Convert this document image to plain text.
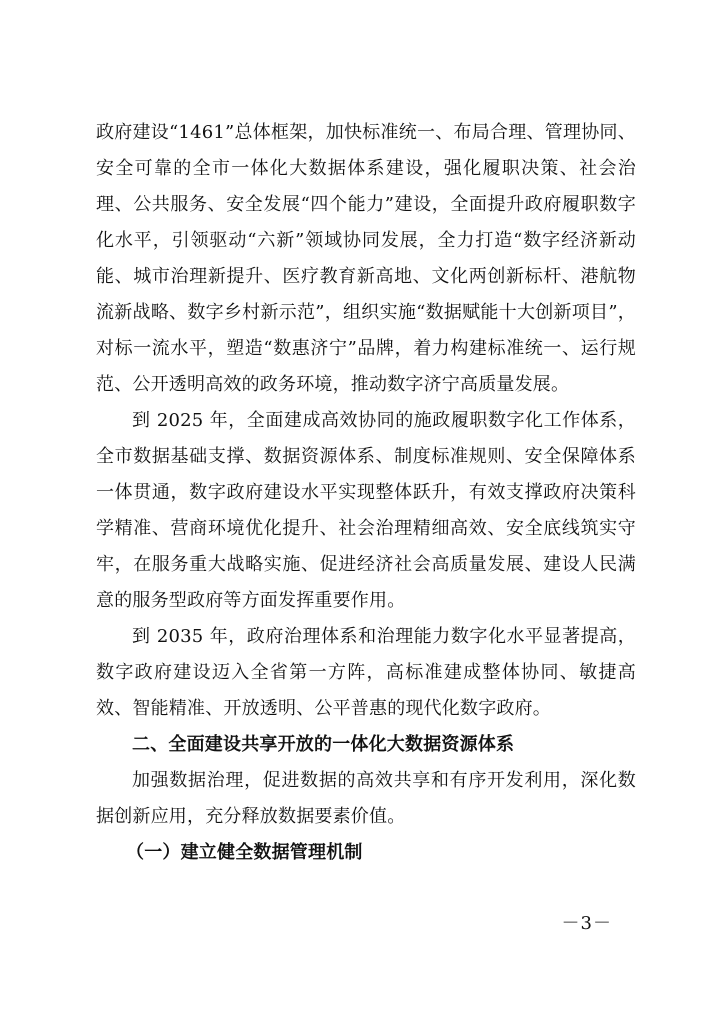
政府建设“1461”总体框架，加快标准统一、布局合理、管理协同、安全可靠的全市一体化大数据体系建设，强化履职决策、社会治理、公共服务、安全发展“四个能力”建设，全面提升政府履职数字化水平，引领驱动“六新”领域协同发展，全力打造“数字经济新动能、城市治理新提升、医疗教育新高地、文化两创新标杆、港航物流新战略、数字乡村新示范”，组织实施“数据赋能十大创新项目”，对标一流水平，塑造“数惠济宁”品牌，着力构建标准统一、运行规范、公开透明高效的政务环境，推动数字济宁高质量发展。

到 2025 年，全面建成高效协同的施政履职数字化工作体系，全市数据基础支撑、数据资源体系、制度标准规则、安全保障体系一体贯通，数字政府建设水平实现整体跃升，有效支撑政府决策科学精准、营商环境优化提升、社会治理精细高效、安全底线筑实守牢，在服务重大战略实施、促进经济社会高质量发展、建设人民满意的服务型政府等方面发挥重要作用。

到 2035 年，政府治理体系和治理能力数字化水平显著提高，数字政府建设迈入全省第一方阵，高标准建成整体协同、敏捷高效、智能精准、开放透明、公平普惠的现代化数字政府。

二、全面建设共享开放的一体化大数据资源体系

加强数据治理，促进数据的高效共享和有序开发利用，深化数据创新应用，充分释放数据要素价值。

（一）建立健全数据管理机制

－3－
